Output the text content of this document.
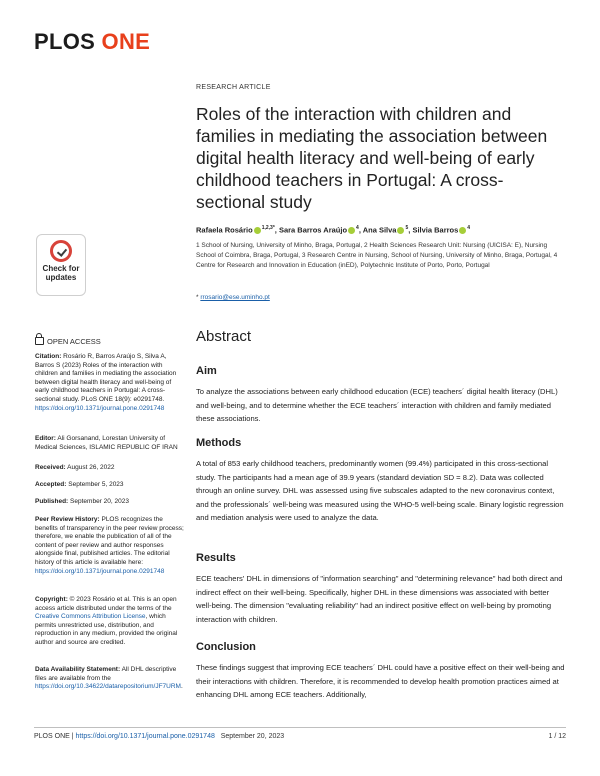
PLOS ONE
Check for
updates
OPEN ACCESS
Citation: Rosário R, Barros Araújo S, Silva A, Barros S (2023) Roles of the interaction with children and families in mediating the association between digital health literacy and well-being of early childhood teachers in Portugal: A cross-sectional study. PLoS ONE 18(9): e0291748. https://doi.org/10.1371/journal.pone.0291748
Editor: Ali Gorsanand, Lorestan University of Medical Sciences, ISLAMIC REPUBLIC OF IRAN
Received: August 26, 2022
Accepted: September 5, 2023
Published: September 20, 2023
Peer Review History: PLOS recognizes the benefits of transparency in the peer review process; therefore, we enable the publication of all of the content of peer review and author responses alongside final, published articles. The editorial history of this article is available here: https://doi.org/10.1371/journal.pone.0291748
Copyright: © 2023 Rosário et al. This is an open access article distributed under the terms of the Creative Commons Attribution License, which permits unrestricted use, distribution, and reproduction in any medium, provided the original author and source are credited.
Data Availability Statement: All DHL descriptive files are available from the https://doi.org/10.34622/datarepositorium/JF7URM.
RESEARCH ARTICLE
Roles of the interaction with children and families in mediating the association between digital health literacy and well-being of early childhood teachers in Portugal: A cross-sectional study
Rafaela Rosário $^{1,2,3*}$, Sara Barros Araújo $^4$, Ana Silva $^5$, Silvia Barros $^4$
1 School of Nursing, University of Minho, Braga, Portugal, 2 Health Sciences Research Unit: Nursing (UICISA: E), Nursing School of Coimbra, Braga, Portugal, 3 Research Centre in Nursing, School of Nursing, University of Minho, Braga, Portugal, 4 Centre for Research and Innovation in Education (inED), Polytechnic Institute of Porto, Porto, Portugal
* rrosario@ese.uminho.pt
Abstract
Aim
To analyze the associations between early childhood education (ECE) teachers´ digital health literacy (DHL) and well-being, and to determine whether the ECE teachers´ interaction with children and family mediated these associations.
Methods
A total of 853 early childhood teachers, predominantly women (99.4%) participated in this cross-sectional study. The participants had a mean age of 39.9 years (standard deviation SD = 8.2). Data was collected through an online survey. DHL was assessed using five subscales adapted to the new coronavirus context, and the professionals´ well-being was measured using the WHO-5 well-being scale. Binary logistic regression and mediation analysis were used to analyze the data.
Results
ECE teachers' DHL in dimensions of "information searching" and "determining relevance" had both direct and indirect effect on their well-being. Specifically, higher DHL in these dimensions was associated with better well-being. The dimension "evaluating reliability" had an indirect positive effect on well-being by promoting interaction with children.
Conclusion
These findings suggest that improving ECE teachers´ DHL could have a positive effect on their well-being and their interactions with children. Therefore, it is recommended to develop health promotion practices aimed at enhancing DHL among ECE teachers. Additionally,
PLOS ONE | https://doi.org/10.1371/journal.pone.0291748 September 20, 2023	1 / 12
